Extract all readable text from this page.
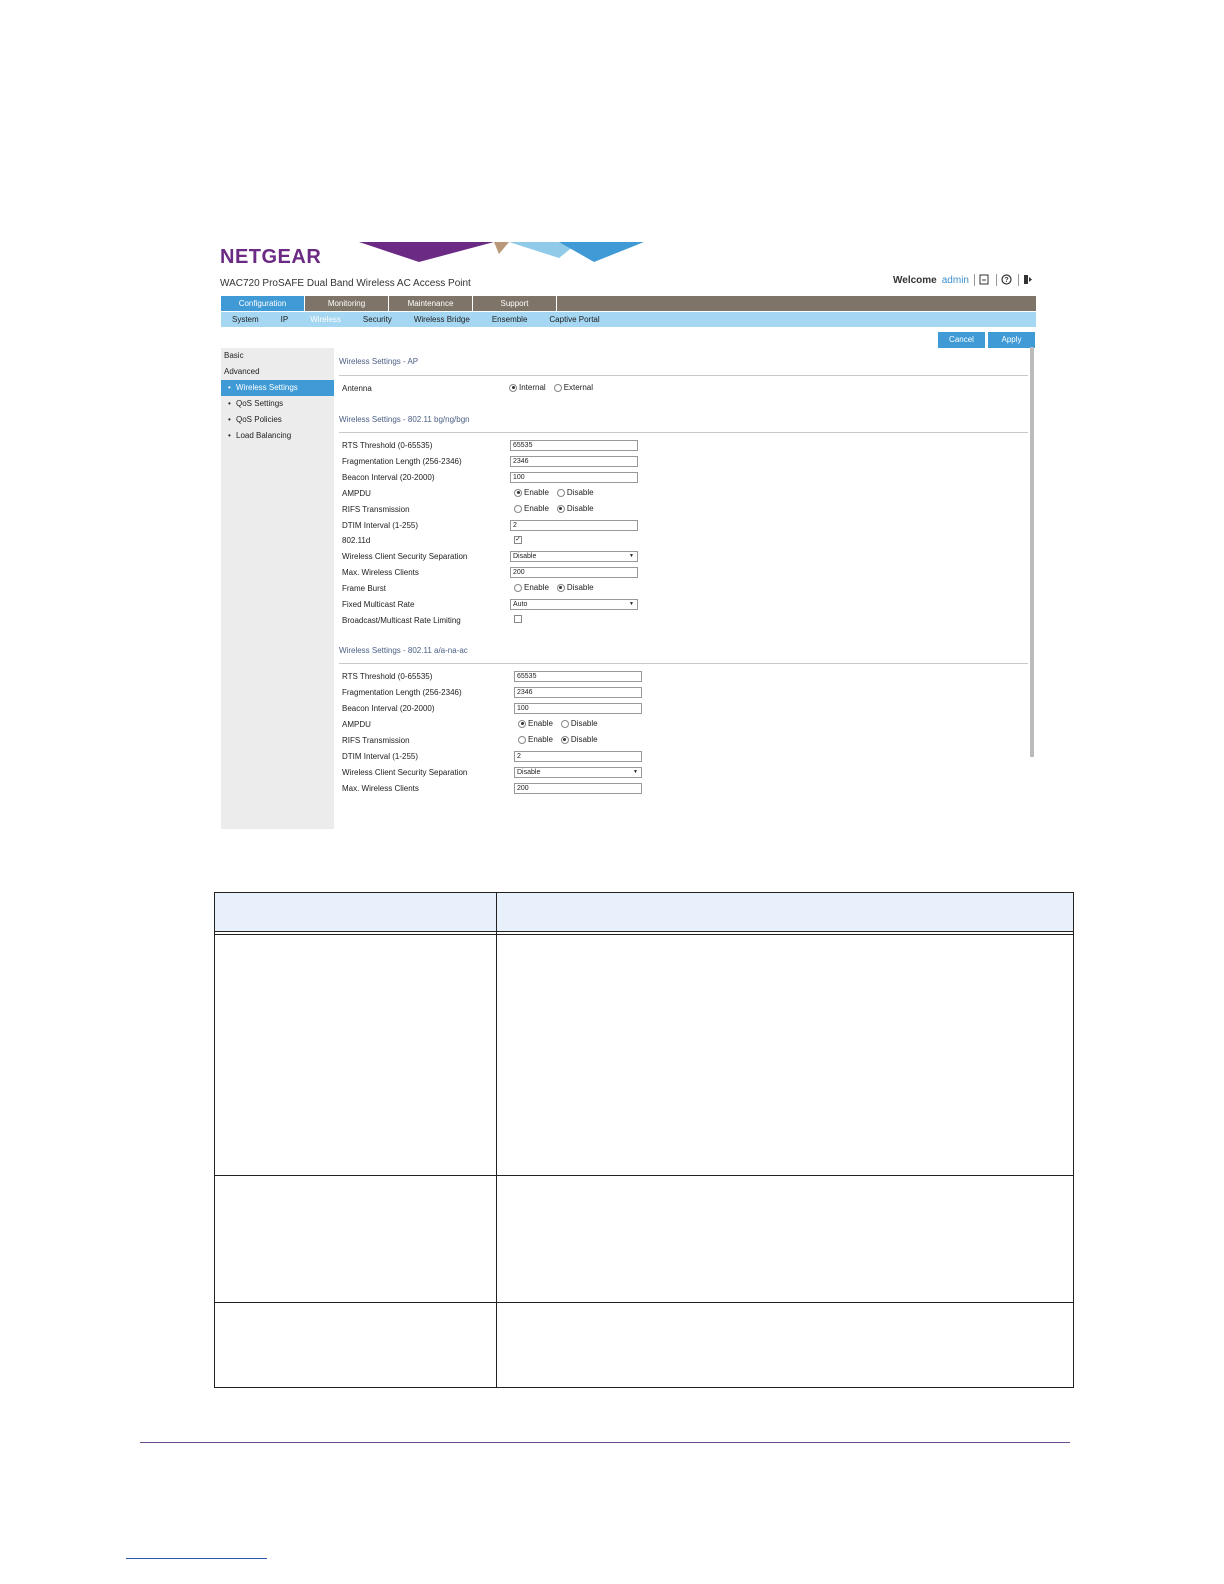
NETGEAR
WAC720 ProSAFE Dual Band Wireless AC Access Point	Welcome admin	?
Configuration	Monitoring	Maintenance	Support
System	IP	Wireless	Security	Wireless Bridge	Ensemble	Captive Portal
Cancel	Apply
Basic
Advanced
• Wireless Settings
• QoS Settings
• QoS Policies
• Load Balancing
Wireless Settings - AP
Antenna	Internal External
Wireless Settings - 802.11 bg/ng/bgn
RTS Threshold (0-65535)	65535
Fragmentation Length (256-2346)	2346
Beacon Interval (20-2000)	100
AMPDU	Enable Disable
RIFS Transmission	Enable Disable
DTIM Interval (1-255)	2
802.11d	✓
Wireless Client Security Separation	Disable ▼
Max. Wireless Clients	200
Frame Burst	Enable Disable
Fixed Multicast Rate	Auto ▼
Broadcast/Multicast Rate Limiting
Wireless Settings - 802.11 a/a-na-ac
RTS Threshold (0-65535)	65535
Fragmentation Length (256-2346)	2346
Beacon Interval (20-2000)	100
AMPDU	Enable Disable
RIFS Transmission	Enable Disable
DTIM Interval (1-255)	2
Wireless Client Security Separation	Disable ▼
Max. Wireless Clients	200
